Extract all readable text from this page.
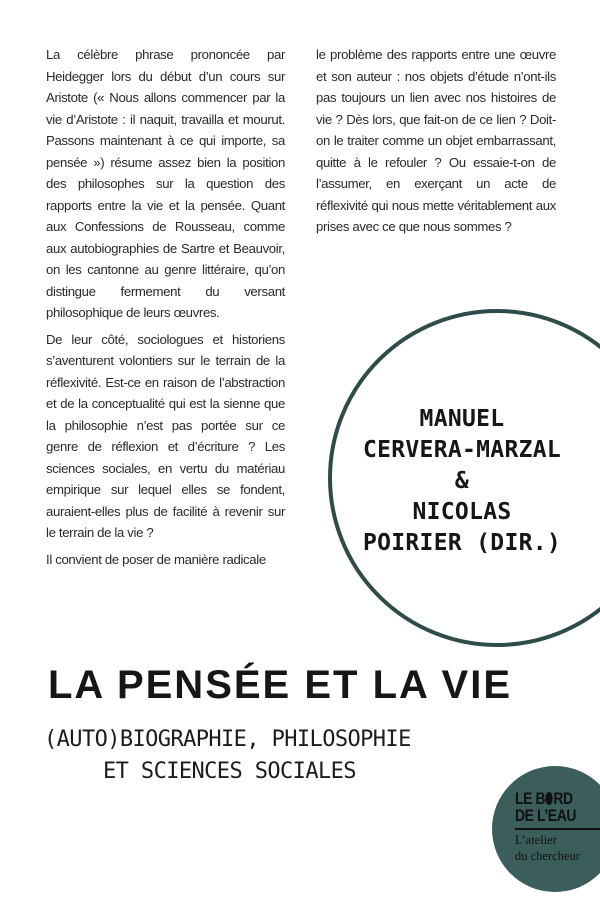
La célèbre phrase prononcée par Heidegger lors du début d’un cours sur Aristote (« Nous allons commencer par la vie d’Aristote : il naquit, travailla et mourut. Passons maintenant à ce qui importe, sa pensée ») résume assez bien la position des philosophes sur la question des rapports entre la vie et la pensée. Quant aux Confessions de Rousseau, comme aux autobiographies de Sartre et Beauvoir, on les cantonne au genre littéraire, qu’on distingue fermement du versant philosophique de leurs œuvres.

De leur côté, sociologues et historiens s’aventurent volontiers sur le terrain de la réflexivité. Est-ce en raison de l’abstraction et de la conceptualité qui est la sienne que la philosophie n’est pas portée sur ce genre de réflexion et d’écriture ? Les sciences sociales, en vertu du matériau empirique sur lequel elles se fondent, auraient-elles plus de facilité à revenir sur le terrain de la vie ?

Il convient de poser de manière radicale

le problème des rapports entre une œuvre et son auteur : nos objets d’étude n’ont-ils pas toujours un lien avec nos histoires de vie ? Dès lors, que fait-on de ce lien ? Doit-on le traiter comme un objet embarrassant, quitte à le refouler ? Ou essaie-t-on de l’assumer, en exerçant un acte de réflexivité qui nous mette véritablement aux prises avec ce que nous sommes ?

MANUEL
CERVERA-MARZAL
&
NICOLAS
POIRIER (DIR.)
LA PENSÉE ET LA VIE
(AUTO)BIOGRAPHIE, PHILOSOPHIE
ET SCIENCES SOCIALES
LE B RD
DE L’EAU
L’atelier
du chercheur
